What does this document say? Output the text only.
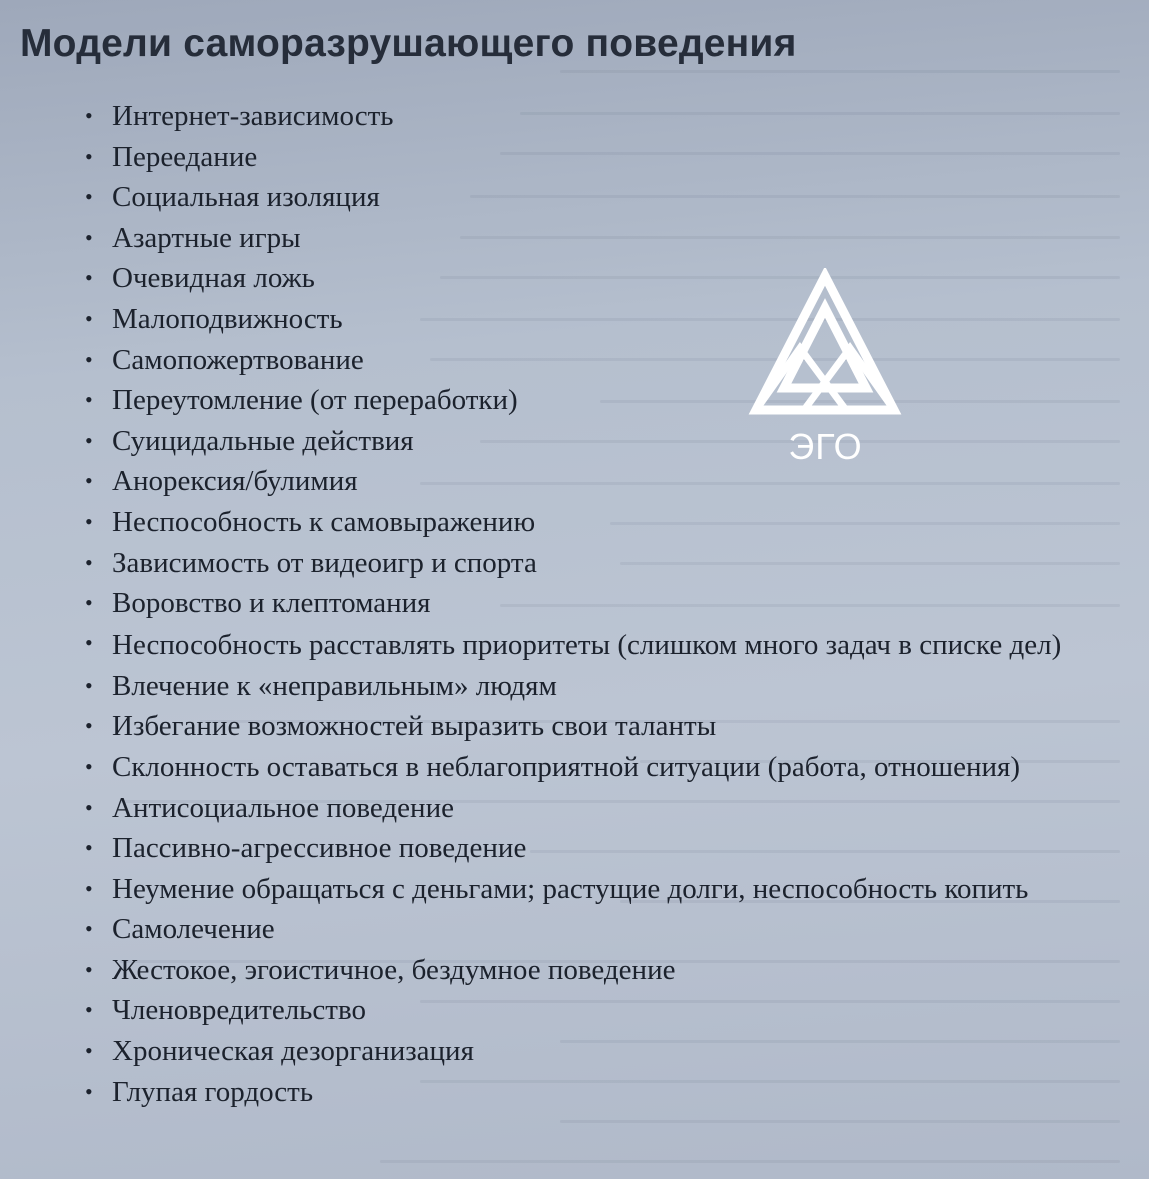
Модели саморазрушающего поведения
• Интернет-зависимость
• Переедание
• Социальная изоляция
• Азартные игры
• Очевидная ложь
• Малоподвижность
• Самопожертвование
• Переутомление (от переработки)
• Суицидальные действия
• Анорексия/булимия
• Неспособность к самовыражению
• Зависимость от видеоигр и спорта
• Воровство и клептомания
• Неспособность расставлять приоритеты (слишком много задач в списке дел)
• Влечение к «неправильным» людям
• Избегание возможностей выразить свои таланты
• Склонность оставаться в неблагоприятной ситуации (работа, отношения)
• Антисоциальное поведение
• Пассивно-агрессивное поведение
• Неумение обращаться с деньгами; растущие долги, неспособность копить
• Самолечение
• Жестокое, эгоистичное, бездумное поведение
• Членовредительство
• Хроническая дезорганизация
• Глупая гордость
ЭГО
